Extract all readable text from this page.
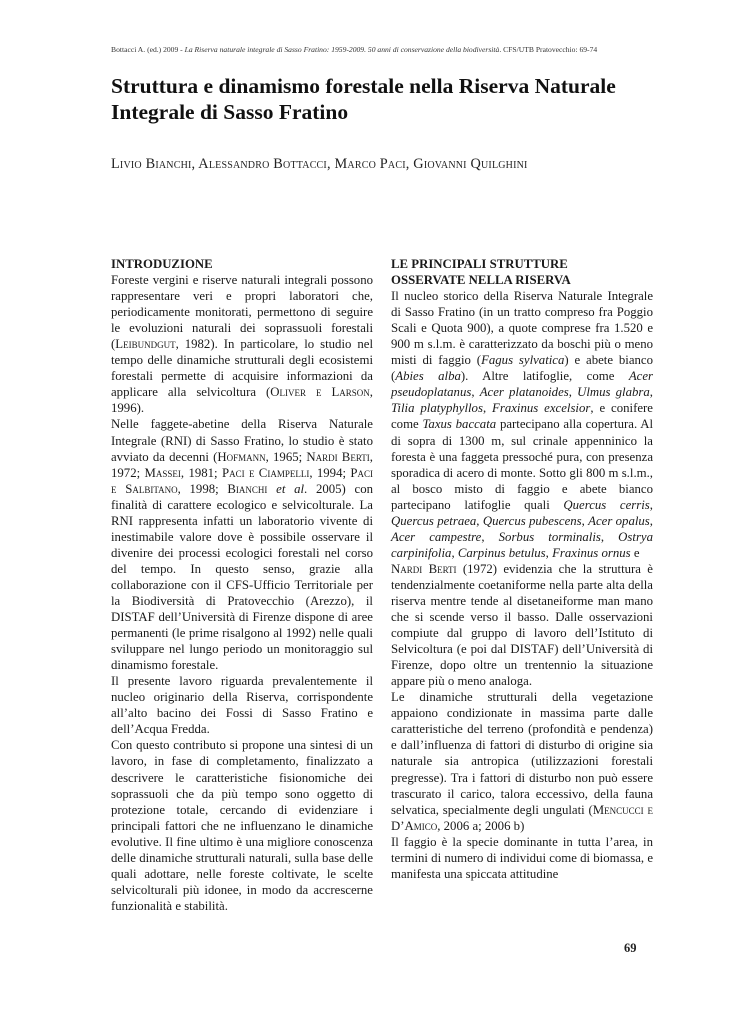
Bottacci A. (ed.) 2009 - La Riserva naturale integrale di Sasso Fratino: 1959-2009. 50 anni di conservazione della biodiversità. CFS/UTB Pratovecchio: 69-74
Struttura e dinamismo forestale nella Riserva Naturale Integrale di Sasso Fratino
Livio Bianchi, Alessandro Bottacci, Marco Paci, Giovanni Quilghini

INTRODUZIONE

Foreste vergini e riserve naturali integrali possono rappresentare veri e propri laboratori che, periodicamente monitorati, permettono di seguire le evoluzioni naturali dei soprassuoli forestali (Leibundgut, 1982). In particolare, lo studio nel tempo delle dinamiche strutturali degli ecosistemi forestali permette di acquisire informazioni da applicare alla selvicoltura (Oliver e Larson, 1996).

Nelle faggete-abetine della Riserva Naturale Integrale (RNI) di Sasso Fratino, lo studio è stato avviato da decenni (Hofmann, 1965; Nardi Berti, 1972; Massei, 1981; Paci e Ciampelli, 1994; Paci e Salbitano, 1998; Bianchi et al. 2005) con finalità di carattere ecologico e selvicolturale. La RNI rappresenta infatti un laboratorio vivente di inestimabile valore dove è possibile osservare il divenire dei processi ecologici forestali nel corso del tempo. In questo senso, grazie alla collaborazione con il CFS-Ufficio Territoriale per la Biodiversità di Pratovecchio (Arezzo), il DISTAF dell’Università di Firenze dispone di aree permanenti (le prime risalgono al 1992) nelle quali sviluppare nel lungo periodo un monitoraggio sul dinamismo forestale.

Il presente lavoro riguarda prevalentemente il nucleo originario della Riserva, corrispondente all’alto bacino dei Fossi di Sasso Fratino e dell’Acqua Fredda.

Con questo contributo si propone una sintesi di un lavoro, in fase di completamento, finalizzato a descrivere le caratteristiche fisionomiche dei soprassuoli che da più tempo sono oggetto di protezione totale, cercando di evidenziare i principali fattori che ne influenzano le dinamiche evolutive. Il fine ultimo è una migliore conoscenza delle dinamiche strutturali naturali, sulla base delle quali adottare, nelle foreste coltivate, le scelte selvicolturali più idonee, in modo da accrescerne funzionalità e stabilità.

LE PRINCIPALI STRUTTURE
OSSERVATE NELLA RISERVA

Il nucleo storico della Riserva Naturale Integrale di Sasso Fratino (in un tratto compreso fra Poggio Scali e Quota 900), a quote comprese fra 1.520 e 900 m s.l.m. è caratterizzato da boschi più o meno misti di faggio (Fagus sylvatica) e abete bianco (Abies alba). Altre latifoglie, come Acer pseudoplatanus, Acer platanoides, Ulmus glabra, Tilia platyphyllos, Fraxinus excelsior, e conifere come Taxus baccata partecipano alla copertura. Al di sopra di 1300 m, sul crinale appenninico la foresta è una faggeta pressoché pura, con presenza sporadica di acero di monte. Sotto gli 800 m s.l.m., al bosco misto di faggio e abete bianco partecipano latifoglie quali Quercus cerris, Quercus petraea, Quercus pubescens, Acer opalus, Acer campestre, Sorbus torminalis, Ostrya carpinifolia, Carpinus betulus, Fraxinus ornus e

Nardi Berti (1972) evidenzia che la struttura è tendenzialmente coetaniforme nella parte alta della riserva mentre tende al disetaneiforme man mano che si scende verso il basso. Dalle osservazioni compiute dal gruppo di lavoro dell’Istituto di Selvicoltura (e poi dal DISTAF) dell’Università di Firenze, dopo oltre un trentennio la situazione appare più o meno analoga.

Le dinamiche strutturali della vegetazione appaiono condizionate in massima parte dalle caratteristiche del terreno (profondità e pendenza) e dall’influenza di fattori di disturbo di origine sia naturale sia antropica (utilizzazioni forestali pregresse). Tra i fattori di disturbo non può essere trascurato il carico, talora eccessivo, della fauna selvatica, specialmente degli ungulati (Mencucci e D’Amico, 2006 a; 2006 b)

Il faggio è la specie dominante in tutta l’area, in termini di numero di individui come di biomassa, e manifesta una spiccata attitudine

69
